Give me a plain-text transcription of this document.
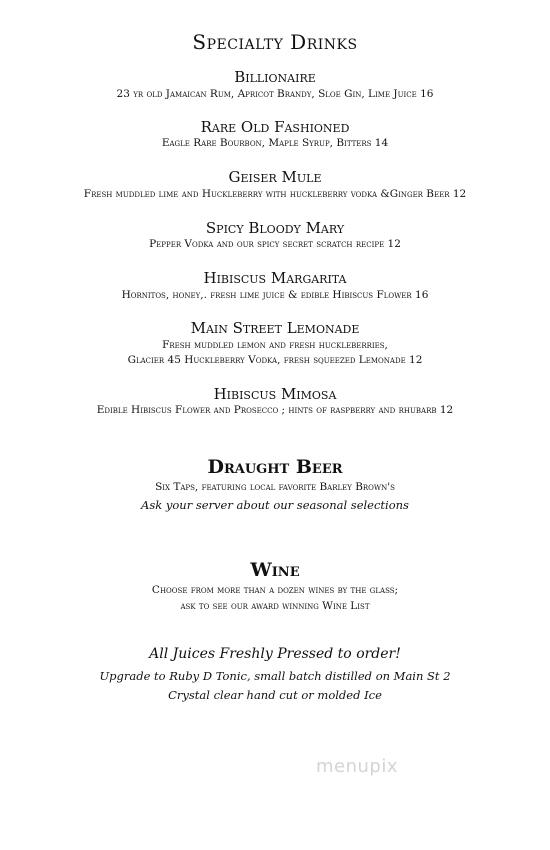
Specialty Drinks
Billionaire
23 yr old Jamaican Rum, Apricot Brandy, Sloe Gin, Lime Juice 16
Rare Old Fashioned
Eagle Rare Bourbon, Maple Syrup, Bitters 14
Geiser Mule
Fresh muddled lime and Huckleberry with huckleberry vodka &Ginger Beer 12
Spicy Bloody Mary
Pepper Vodka and our spicy secret scratch recipe 12
Hibiscus Margarita
Hornitos, honey,. fresh lime juice & edible Hibiscus Flower 16
Main Street Lemonade
Fresh muddled lemon and fresh huckleberries,
Glacier 45 Huckleberry Vodka, fresh squeezed Lemonade 12
Hibiscus Mimosa
Edible Hibiscus Flower and Prosecco ; hints of raspberry and rhubarb 12
Draught Beer
Six Taps, featuring local favorite Barley Brown's
Ask your server about our seasonal selections
Wine
Choose from more than a dozen wines by the glass;
ask to see our award winning Wine List
All Juices Freshly Pressed to order!
Upgrade to Ruby D Tonic, small batch distilled on Main St 2
Crystal clear hand cut or molded Ice
menupix
